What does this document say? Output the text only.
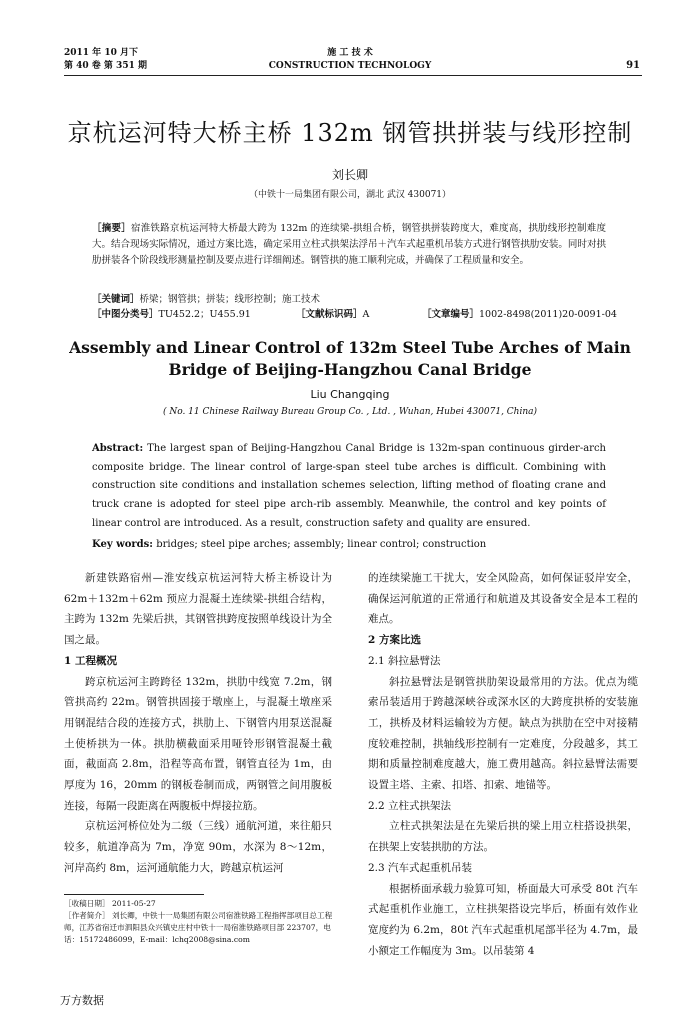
2011 年 10 月下
第 40 卷 第 351 期
施 工 技 术
CONSTRUCTION TECHNOLOGY	91
京杭运河特大桥主桥 132m 钢管拱拼装与线形控制
刘长卿
（中铁十一局集团有限公司，湖北 武汉 430071）
［摘要］宿淮铁路京杭运河特大桥最大跨为 132m 的连续梁-拱组合桥，钢管拱拼装跨度大，难度高，拱肋线形控制难度大。结合现场实际情况，通过方案比选，确定采用立柱式拱架法浮吊＋汽车式起重机吊装方式进行钢管拱肋安装。同时对拱肋拼装各个阶段线形测量控制及要点进行详细阐述。钢管拱的施工顺利完成，并确保了工程质量和安全。
［关键词］桥梁；钢管拱；拼装；线形控制；施工技术
［中图分类号］ TU452.2；U455.91	［文献标识码］ A	［文章编号］ 1002-8498(2011)20-0091-04
Assembly and Linear Control of 132m Steel Tube Arches of Main Bridge of Beijing-Hangzhou Canal Bridge
Liu Changqing
( No. 11 Chinese Railway Bureau Group Co. , Ltd. , Wuhan, Hubei 430071, China)
Abstract: The largest span of Beijing-Hangzhou Canal Bridge is 132m-span continuous girder-arch composite bridge. The linear control of large-span steel tube arches is difficult. Combining with construction site conditions and installation schemes selection, lifting method of floating crane and truck crane is adopted for steel pipe arch-rib assembly. Meanwhile, the control and key points of linear control are introduced. As a result, construction safety and quality are ensured.
Key words: bridges; steel pipe arches; assembly; linear control; construction

新建铁路宿州—淮安线京杭运河特大桥主桥设计为 62m＋132m＋62m 预应力混凝土连续梁-拱组合结构，主跨为 132m 先梁后拱，其钢管拱跨度按照单线设计为全国之最。

1 工程概况

跨京杭运河主跨跨径 132m，拱肋中线宽 7.2m，钢管拱高约 22m。钢管拱固接于墩座上，与混凝土墩座采用钢混结合段的连接方式，拱肋上、下钢管内用泵送混凝土使桥拱为一体。拱肋横截面采用哑铃形钢管混凝土截面，截面高 2.8m，沿程等高布置，钢管直径为 1m，由厚度为 16，20mm 的钢板卷制而成，两钢管之间用腹板连接，每隔一段距离在两腹板中焊接拉筋。

京杭运河桥位处为二级（三线）通航河道，来往船只较多，航道净高为 7m，净宽 90m，水深为 8～12m，河岸高约 8m，运河通航能力大，跨越京杭运河

的连续梁施工干扰大，安全风险高，如何保证驳岸安全，确保运河航道的正常通行和航道及其设备安全是本工程的难点。

2 方案比选
2.1 斜拉悬臂法

斜拉悬臂法是钢管拱肋架设最常用的方法。优点为缆索吊装适用于跨越深峡谷或深水区的大跨度拱桥的安装施工，拱桥及材料运输较为方便。缺点为拱肋在空中对接精度较难控制，拱轴线形控制有一定难度，分段越多，其工期和质量控制难度越大，施工费用越高。斜拉悬臂法需要设置主塔、主索、扣塔、扣索、地锚等。

2.2 立柱式拱架法

立柱式拱架法是在先梁后拱的梁上用立柱搭设拱架，在拱架上安装拱肋的方法。

2.3 汽车式起重机吊装

根据桥面承载力验算可知，桥面最大可承受 80t 汽车式起重机作业施工，立柱拱架搭设完毕后，桥面有效作业宽度约为 6.2m，80t 汽车式起重机尾部半径为 4.7m，最小额定工作幅度为 3m。以吊装第 4

［收稿日期］ 2011-05-27

［作者简介］ 刘长卿，中铁十一局集团有限公司宿淮铁路工程指挥部项目总工程师，江苏省宿迁市泗阳县众兴镇史庄村中铁十一局宿淮铁路项目部 223707，电话：15172486099，E-mail：lchq2008@sina.com

万方数据
